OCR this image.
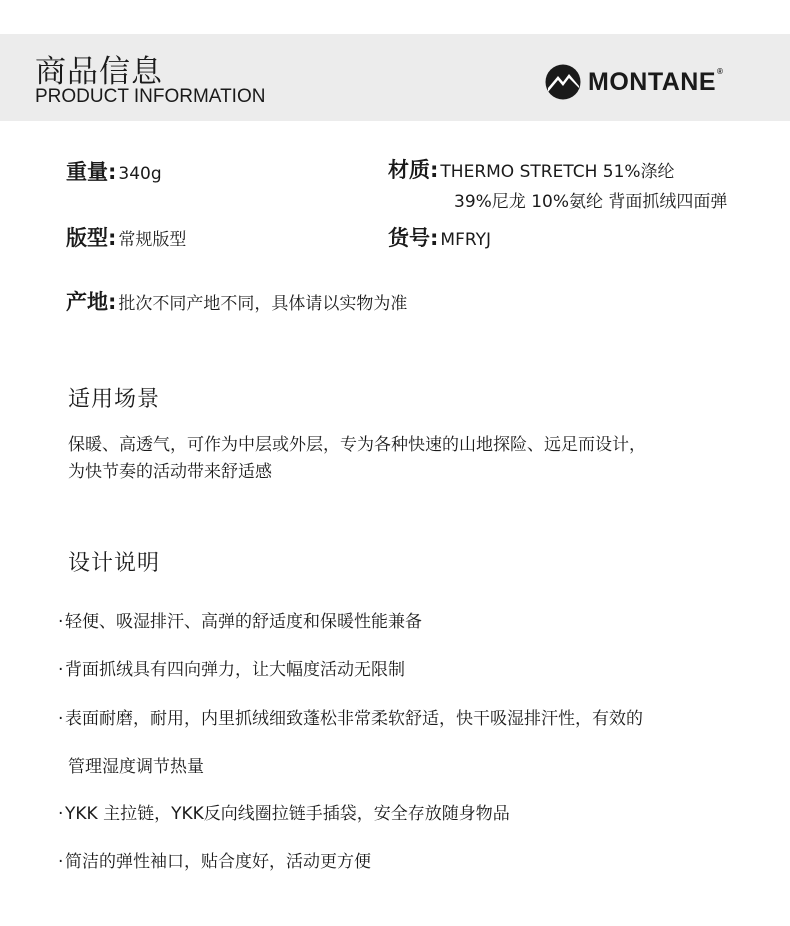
商品信息
PRODUCT INFORMATION
MONTANE®
重量: 340g	材质: THERMO STRETCH 51%涤纶
39%尼龙 10%氨纶 背面抓绒四面弹
版型: 常规版型	货号: MFRYJ
产地: 批次不同产地不同，具体请以实物为准
适用场景
保暖、高透气，可作为中层或外层，专为各种快速的山地探险、远足而设计，
为快节奏的活动带来舒适感
设计说明
·轻便、吸湿排汗、高弹的舒适度和保暖性能兼备
·背面抓绒具有四向弹力，让大幅度活动无限制
·表面耐磨，耐用，内里抓绒细致蓬松非常柔软舒适，快干吸湿排汗性，有效的
管理湿度调节热量
·YKK 主拉链，YKK反向线圈拉链手插袋，安全存放随身物品
·简洁的弹性袖口，贴合度好，活动更方便
